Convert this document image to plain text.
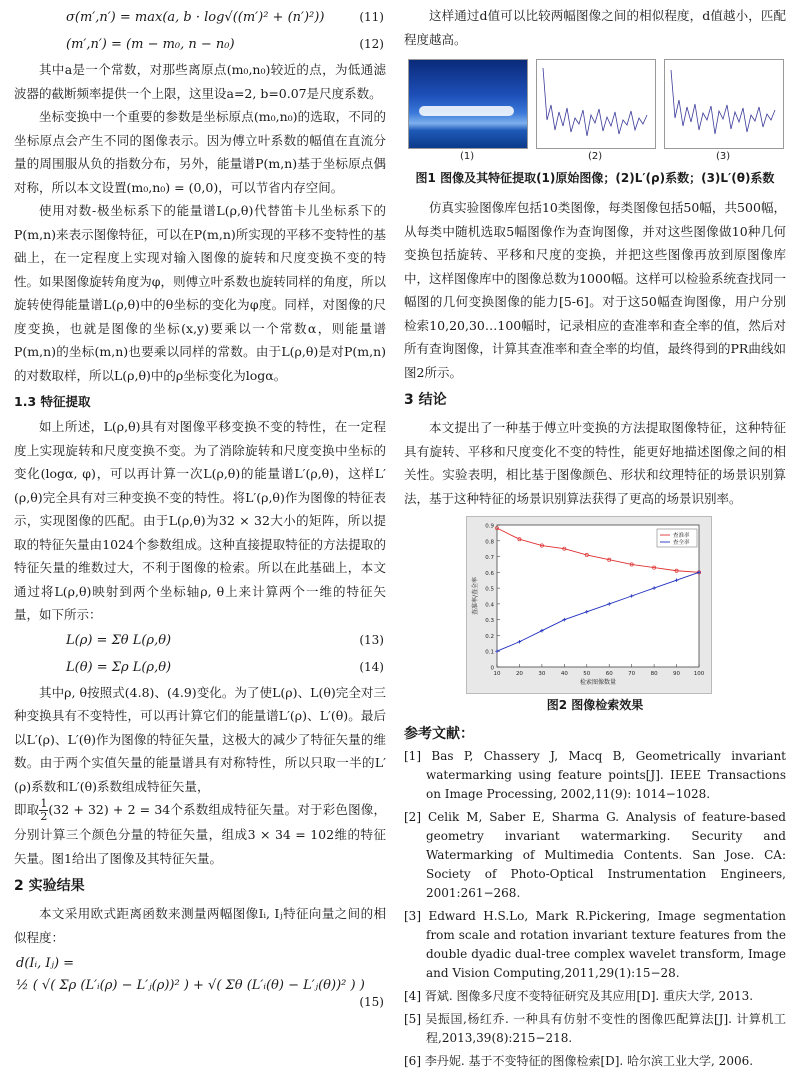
σ(m′,n′) = max(a, b · log√((m′)² + (n′)²))	(11)
(m′,n′) = (m − m₀, n − n₀)	(12)

其中a是一个常数，对那些离原点(m₀,n₀)较近的点，为低通滤波器的截断频率提供一个上限，这里设a=2, b=0.07是尺度系数。

坐标变换中一个重要的参数是坐标原点(m₀,n₀)的选取，不同的坐标原点会产生不同的图像表示。因为傅立叶系数的幅值在直流分量的周围服从负的指数分布，另外，能量谱P(m,n)基于坐标原点偶对称，所以本文设置(m₀,n₀) = (0,0)，可以节省内存空间。

使用对数-极坐标系下的能量谱L(ρ,θ)代替笛卡儿坐标系下的P(m,n)来表示图像特征，可以在P(m,n)所实现的平移不变特性的基础上，在一定程度上实现对输入图像的旋转和尺度变换不变的特性。如果图像旋转角度为φ，则傅立叶系数也旋转同样的角度，所以旋转使得能量谱L(ρ,θ)中的θ坐标的变化为φ度。同样，对图像的尺度变换，也就是图像的坐标(x,y)要乘以一个常数α，则能量谱P(m,n)的坐标(m,n)也要乘以同样的常数。由于L(ρ,θ)是对P(m,n)的对数取样，所以L(ρ,θ)中的ρ坐标变化为logα。

1.3 特征提取

如上所述，L(ρ,θ)具有对图像平移变换不变的特性，在一定程度上实现旋转和尺度变换不变。为了消除旋转和尺度变换中坐标的变化(logα, φ)，可以再计算一次L(ρ,θ)的能量谱L′(ρ,θ)，这样L′(ρ,θ)完全具有对三种变换不变的特性。将L′(ρ,θ)作为图像的特征表示，实现图像的匹配。由于L(ρ,θ)为32 × 32大小的矩阵，所以提取的特征矢量由1024个参数组成。这种直接提取特征的方法提取的特征矢量的维数过大，不利于图像的检索。所以在此基础上，本文通过将L(ρ,θ)映射到两个坐标轴ρ, θ上来计算两个一维的特征矢量，如下所示：

L(ρ) = Σθ L(ρ,θ)	(13)
L(θ) = Σρ L(ρ,θ)	(14)

其中ρ, θ按照式(4.8)、(4.9)变化。为了使L(ρ)、L(θ)完全对三种变换具有不变特性，可以再计算它们的能量谱L′(ρ)、L′(θ)。最后以L′(ρ)、L′(θ)作为图像的特征矢量，这极大的减少了特征矢量的维数。由于两个实值矢量的能量谱具有对称特性，所以只取一半的L′(ρ)系数和L′(θ)系数组成特征矢量，

即取 $\frac{1}{2} (32 + 32) + 2 = 34$个系数组成特征矢量。对于彩色图像，分别计算三个颜色分量的特征矢量，组成3 × 34 = 102维的特征矢量。图1给出了图像及其特征矢量。

2 实验结果

本文采用欧式距离函数来测量两幅图像Iᵢ, Iⱼ特征向量之间的相似程度：

d(Iᵢ, Iⱼ) =
½ ( √( Σρ (L′ᵢ(ρ) − L′ⱼ(ρ))² ) + √( Σθ (L′ᵢ(θ) − L′ⱼ(θ))² ) )
(15)

这样通过d值可以比较两幅图像之间的相似程度，d值越小，匹配程度越高。

(1)	(2)	(3)
图1 图像及其特征提取(1)原始图像；(2)L′(ρ)系数；(3)L′(θ)系数

仿真实验图像库包括10类图像，每类图像包括50幅，共500幅，从每类中随机选取5幅图像作为查询图像，并对这些图像做10种几何变换包括旋转、平移和尺度的变换，并把这些图像再放到原图像库中，这样图像库中的图像总数为1000幅。这样可以检验系统查找同一幅图的几何变换图像的能力[5-6]。对于这50幅查询图像，用户分别检索10,20,30…100幅时，记录相应的查准率和查全率的值，然后对所有查询图像，计算其查准率和查全率的均值，最终得到的PR曲线如图2所示。

3 结论

本文提出了一种基于傅立叶变换的方法提取图像特征，这种特征具有旋转、平移和尺度变化不变的特性，能更好地描述图像之间的相关性。实验表明，相比基于图像颜色、形状和纹理特征的场景识别算法，基于这种特征的场景识别算法获得了更高的场景识别率。

0
0.1
0.2
0.3
0.4
0.5
0.6
0.7
0.8
0.9
10	20	30	40	50	60	70	80	90 100
检索图像数量
查准率/查全率
查准率
查全率
图2 图像检索效果
参考文献：
[1] Bas P, Chassery J, Macq B, Geometrically invariant watermarking using feature points[J]. IEEE Transactions on Image Processing, 2002,11(9): 1014−1028.
[2] Celik M, Saber E, Sharma G. Analysis of feature-based geometry invariant watermarking. Security and Watermarking of Multimedia Contents. San Jose. CA: Society of Photo-Optical Instrumentation Engineers, 2001:261−268.
[3] Edward H.S.Lo, Mark R.Pickering, Image segmentation from scale and rotation invariant texture features from the double dyadic dual-tree complex wavelet transform, Image and Vision Computing,2011,29(1):15−28.
[4] 胥斌. 图像多尺度不变特征研究及其应用[D]. 重庆大学, 2013.
[5] 吴振国,杨红乔. 一种具有仿射不变性的图像匹配算法[J]. 计算机工程,2013,39(8):215−218.
[6] 李丹妮. 基于不变特征的图像检索[D]. 哈尔滨工业大学, 2006.
